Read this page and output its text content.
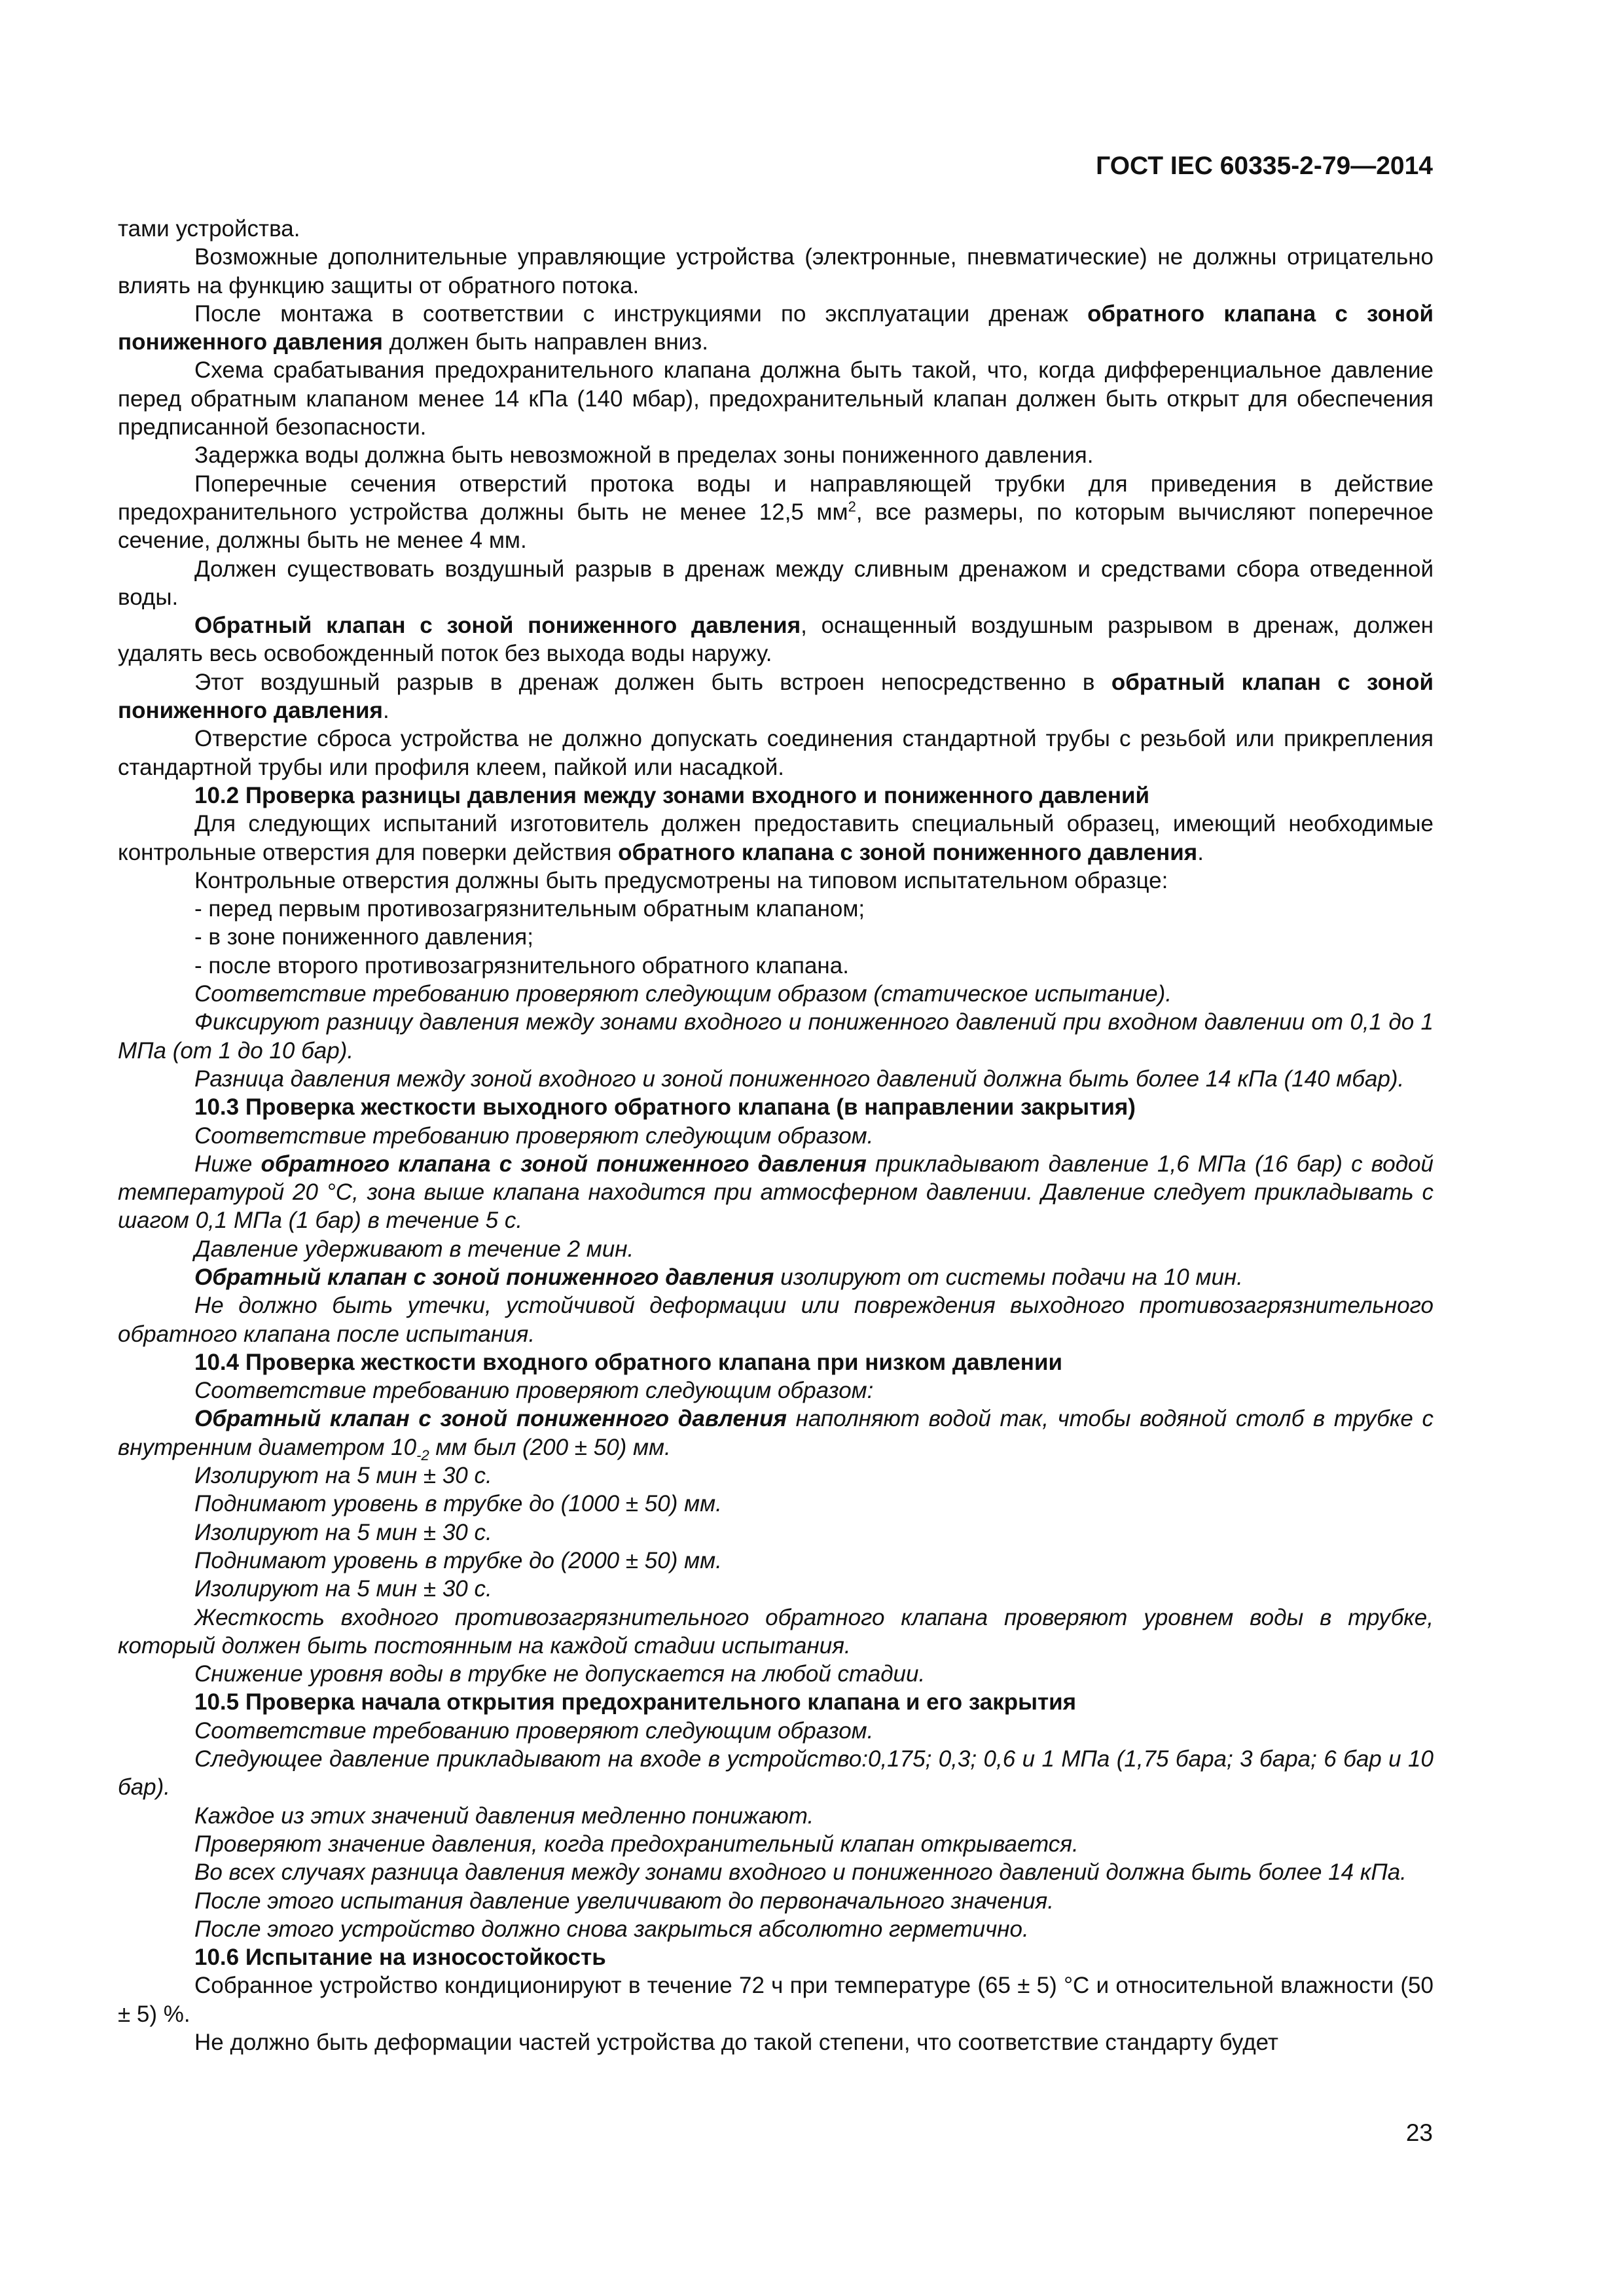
ГОСТ IEC 60335-2-79—2014

тами устройства.

Возможные дополнительные управляющие устройства (электронные, пневматические) не должны отрицательно влиять на функцию защиты от обратного потока.

После монтажа в соответствии с инструкциями по эксплуатации дренаж обратного клапана с зоной пониженного давления должен быть направлен вниз.

Схема срабатывания предохранительного клапана должна быть такой, что, когда дифференциальное давление перед обратным клапаном менее 14 кПа (140 мбар), предохранительный клапан должен быть открыт для обеспечения предписанной безопасности.

Задержка воды должна быть невозможной в пределах зоны пониженного давления.

Поперечные сечения отверстий протока воды и направляющей трубки для приведения в действие предохранительного устройства должны быть не менее 12,5 $мм^2$, все размеры, по которым вычисляют поперечное сечение, должны быть не менее 4 мм.

Должен существовать воздушный разрыв в дренаж между сливным дренажом и средствами сбора отведенной воды.

Обратный клапан с зоной пониженного давления, оснащенный воздушным разрывом в дренаж, должен удалять весь освобожденный поток без выхода воды наружу.

Этот воздушный разрыв в дренаж должен быть встроен непосредственно в обратный клапан с зоной пониженного давления.

Отверстие сброса устройства не должно допускать соединения стандартной трубы с резьбой или прикрепления стандартной трубы или профиля клеем, пайкой или насадкой.

10.2 Проверка разницы давления между зонами входного и пониженного давлений

Для следующих испытаний изготовитель должен предоставить специальный образец, имеющий необходимые контрольные отверстия для поверки действия обратного клапана с зоной пониженного давления.

Контрольные отверстия должны быть предусмотрены на типовом испытательном образце:

- перед первым противозагрязнительным обратным клапаном;

- в зоне пониженного давления;

- после второго противозагрязнительного обратного клапана.

Соответствие требованию проверяют следующим образом (статическое испытание).

Фиксируют разницу давления между зонами входного и пониженного давлений при входном давлении от 0,1 до 1 МПа (от 1 до 10 бар).

Разница давления между зоной входного и зоной пониженного давлений должна быть более 14 кПа (140 мбар).

10.3 Проверка жесткости выходного обратного клапана (в направлении закрытия)

Соответствие требованию проверяют следующим образом.

Ниже обратного клапана с зоной пониженного давления прикладывают давление 1,6 МПа (16 бар) с водой температурой 20 °С, зона выше клапана находится при атмосферном давлении. Давление следует прикладывать с шагом 0,1 МПа (1 бар) в течение 5 с.

Давление удерживают в течение 2 мин.

Обратный клапан с зоной пониженного давления изолируют от системы подачи на 10 мин.

Не должно быть утечки, устойчивой деформации или повреждения выходного противозагрязнительного обратного клапана после испытания.

10.4 Проверка жесткости входного обратного клапана при низком давлении

Соответствие требованию проверяют следующим образом:

Обратный клапан с зоной пониженного давления наполняют водой так, чтобы водяной столб в трубке с внутренним диаметром $10_{-2}$ мм был (200 ± 50) мм.

Изолируют на 5 мин ± 30 с.

Поднимают уровень в трубке до (1000 ± 50) мм.

Изолируют на 5 мин ± 30 с.

Поднимают уровень в трубке до (2000 ± 50) мм.

Изолируют на 5 мин ± 30 с.

Жесткость входного противозагрязнительного обратного клапана проверяют уровнем воды в трубке, который должен быть постоянным на каждой стадии испытания.

Снижение уровня воды в трубке не допускается на любой стадии.

10.5 Проверка начала открытия предохранительного клапана и его закрытия

Соответствие требованию проверяют следующим образом.

Следующее давление прикладывают на входе в устройство:0,175; 0,3; 0,6 и 1 МПа (1,75 бара; 3 бара; 6 бар и 10 бар).

Каждое из этих значений давления медленно понижают.

Проверяют значение давления, когда предохранительный клапан открывается.

Во всех случаях разница давления между зонами входного и пониженного давлений должна быть более 14 кПа.

После этого испытания давление увеличивают до первоначального значения.

После этого устройство должно снова закрыться абсолютно герметично.

10.6 Испытание на износостойкость

Собранное устройство кондиционируют в течение 72 ч при температуре (65 ± 5) °С и относительной влажности (50 ± 5) %.

Не должно быть деформации частей устройства до такой степени, что соответствие стандарту будет

23
